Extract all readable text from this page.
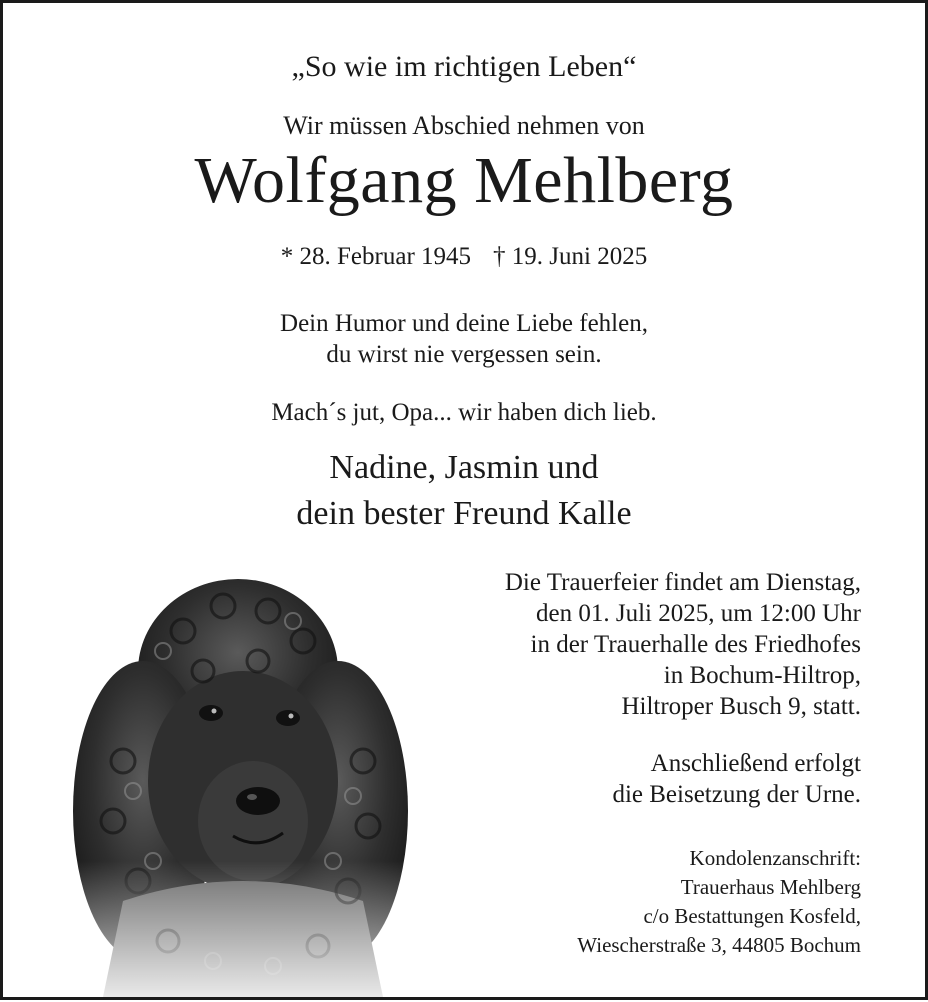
„So wie im richtigen Leben“
Wir müssen Abschied nehmen von
Wolfgang Mehlberg
* 28. Februar 1945 † 19. Juni 2025
Dein Humor und deine Liebe fehlen,
du wirst nie vergessen sein.
Mach´s jut, Opa... wir haben dich lieb.
Nadine, Jasmin und
dein bester Freund Kalle
Die Trauerfeier findet am Dienstag,
den 01. Juli 2025, um 12:00 Uhr
in der Trauerhalle des Friedhofes
in Bochum-Hiltrop,
Hiltroper Busch 9, statt.
Anschließend erfolgt
die Beisetzung der Urne.
Kondolenzanschrift:
Trauerhaus Mehlberg
c/o Bestattungen Kosfeld,
Wiescherstraße 3, 44805 Bochum
